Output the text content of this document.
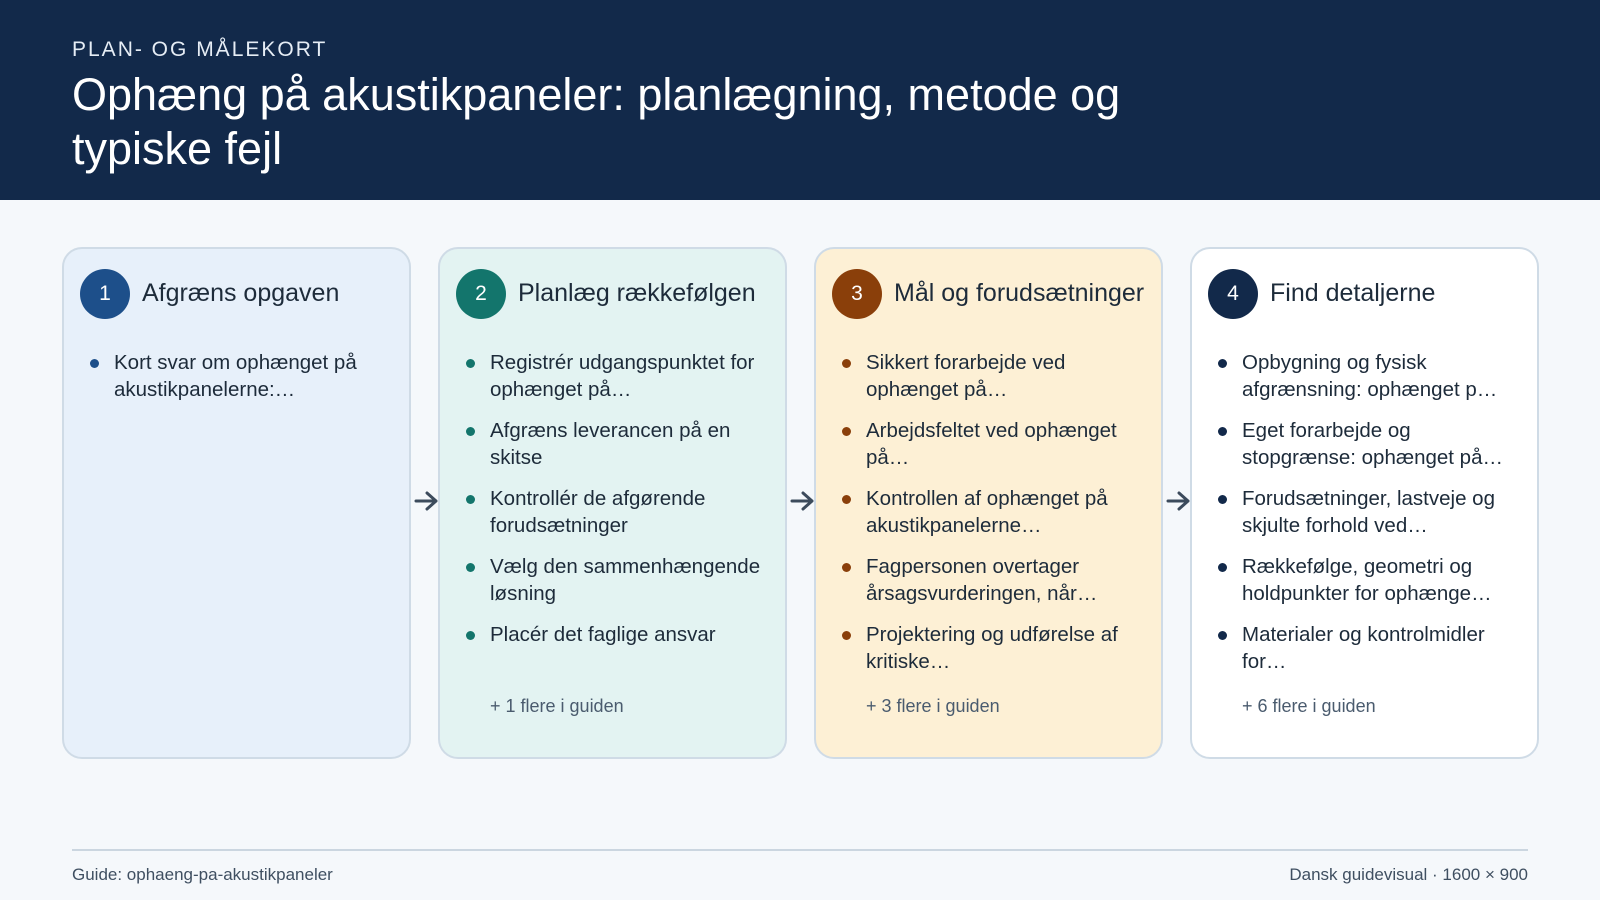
PLAN- OG MÅLEKORT
Ophæng på akustikpaneler: planlægning, metode og typiske fejl
1	Afgræns opgaven
Kort svar om ophænget på akustikpanelerne:…
2	Planlæg rækkefølgen
Registrér udgangspunktet for ophænget på…
Afgræns leverancen på en skitse
Kontrollér de afgørende forudsætninger
Vælg den sammenhængende løsning
Placér det faglige ansvar
+ 1 flere i guiden
3	Mål og forudsætninger
Sikkert forarbejde ved ophænget på…
Arbejdsfeltet ved ophænget på…
Kontrollen af ophænget på akustikpanelerne…
Fagpersonen overtager årsagsvurderingen, når…
Projektering og udførelse af kritiske…
+ 3 flere i guiden
4	Find detaljerne
Opbygning og fysisk afgrænsning: ophænget p…
Eget forarbejde og stopgrænse: ophænget på…
Forudsætninger, lastveje og skjulte forhold ved…
Rækkefølge, geometri og holdpunkter for ophænge…
Materialer og kontrolmidler for…
+ 6 flere i guiden
Guide: ophaeng-pa-akustikpaneler	Dansk guidevisual · 1600 × 900
